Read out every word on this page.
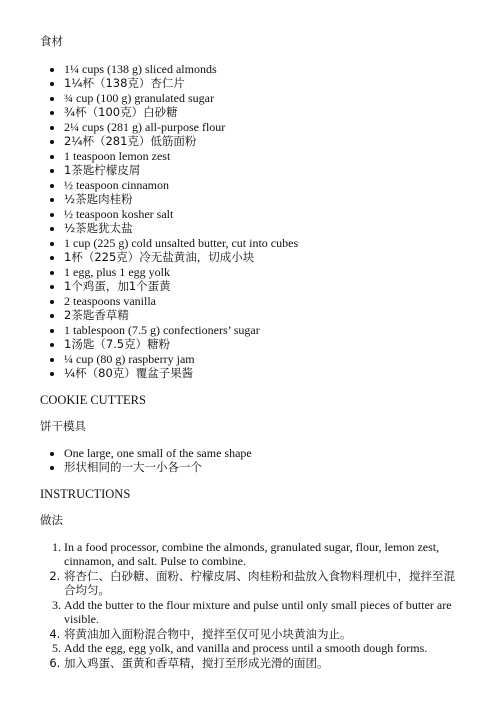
食材

• 1¼ cups (138 g) sliced almonds
• 1¼杯（138克）杏仁片
• ¾ cup (100 g) granulated sugar
• ¾杯（100克）白砂糖
• 2¼ cups (281 g) all-purpose flour
• 2¼杯（281克）低筋面粉
• 1 teaspoon lemon zest
• 1茶匙柠檬皮屑
• ½ teaspoon cinnamon
• ½茶匙肉桂粉
• ½ teaspoon kosher salt
• ½茶匙犹太盐
• 1 cup (225 g) cold unsalted butter, cut into cubes
• 1杯（225克）冷无盐黄油，切成小块
• 1 egg, plus 1 egg yolk
• 1个鸡蛋，加1个蛋黄
• 2 teaspoons vanilla
• 2茶匙香草精
• 1 tablespoon (7.5 g) confectioners’ sugar
• 1汤匙（7.5克）糖粉
• ¼ cup (80 g) raspberry jam
• ¼杯（80克）覆盆子果酱

COOKIE CUTTERS

饼干模具

• One large, one small of the same shape
• 形状相同的一大一小各一个

INSTRUCTIONS

做法

1. In a food processor, combine the almonds, granulated sugar, flour, lemon zest, cinnamon, and salt. Pulse to combine.
2. 将杏仁、白砂糖、面粉、柠檬皮屑、肉桂粉和盐放入食物料理机中，搅拌至混合均匀。
3. Add the butter to the flour mixture and pulse until only small pieces of butter are visible.
4. 将黄油加入面粉混合物中，搅拌至仅可见小块黄油为止。
5. Add the egg, egg yolk, and vanilla and process until a smooth dough forms.
6. 加入鸡蛋、蛋黄和香草精，搅打至形成光滑的面团。
